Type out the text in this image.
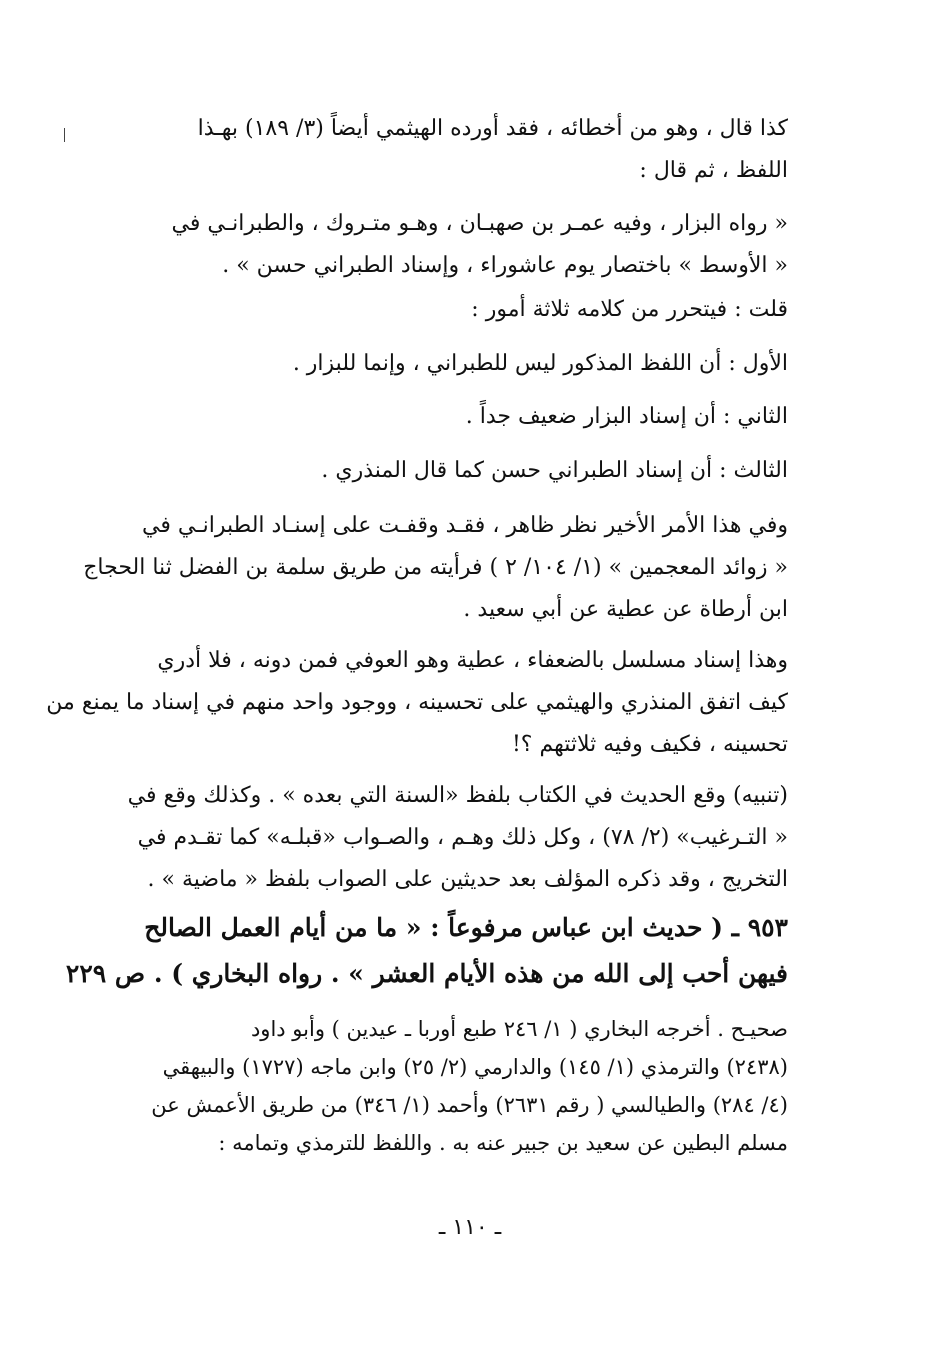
كذا قال ، وهو من أخطائه ، فقد أورده الهيثمي أيضاً (٣/ ١٨٩) بهـذا
اللفظ ، ثم قال :
« رواه البزار ، وفيه عمـر بن صهبـان ، وهـو متـروك ، والطبرانـي في
« الأوسط » باختصار يوم عاشوراء ، وإسناد الطبراني حسن » .
قلت : فيتحرر من كلامه ثلاثة أمور :
الأول : أن اللفظ المذكور ليس للطبراني ، وإنما للبزار .
الثاني : أن إسناد البزار ضعيف جداً .
الثالث : أن إسناد الطبراني حسن كما قال المنذري .
وفي هذا الأمر الأخير نظر ظاهر ، فقـد وقفـت على إسنـاد الطبرانـي في
« زوائد المعجمين » (١/ ١٠٤/ ٢ ) فرأيته من طريق سلمة بن الفضل ثنا الحجاج
ابن أرطاة عن عطية عن أبي سعيد .
وهذا إسناد مسلسل بالضعفاء ، عطية وهو العوفي فمن دونه ، فلا أدري
كيف اتفق المنذري والهيثمي على تحسينه ، ووجود واحد منهم في إسناد ما يمنع من
تحسينه ، فكيف وفيه ثلاثتهم ؟!
(تنبيه) وقع الحديث في الكتاب بلفظ «السنة التي بعده » . وكذلك وقع في
« التـرغيب» (٢/ ٧٨) ، وكل ذلك وهـم ، والصـواب «قبلـه» كما تقـدم في
التخريج ، وقد ذكره المؤلف بعد حديثين على الصواب بلفظ « ماضية » .
٩٥٣ ـ ( حديث ابن عباس مرفوعاً : « ما من أيام العمل الصالح
فيهن أحب إلى الله من هذه الأيام العشر » . رواه البخاري ) . ص ٢٢٩
صحيـح . أخرجه البخاري ( ١/ ٢٤٦ طبع أوربا ـ عيدين ) وأبو داود
(٢٤٣٨) والترمذي (١/ ١٤٥) والدارمي (٢/ ٢٥) وابن ماجه (١٧٢٧) والبيهقي
(٤/ ٢٨٤) والطيالسي ( رقم ٢٦٣١) وأحمد (١/ ٣٤٦) من طريق الأعمش عن
مسلم البطين عن سعيد بن جبير عنه به . واللفظ للترمذي وتمامه :
ـ ١١٠ ـ
